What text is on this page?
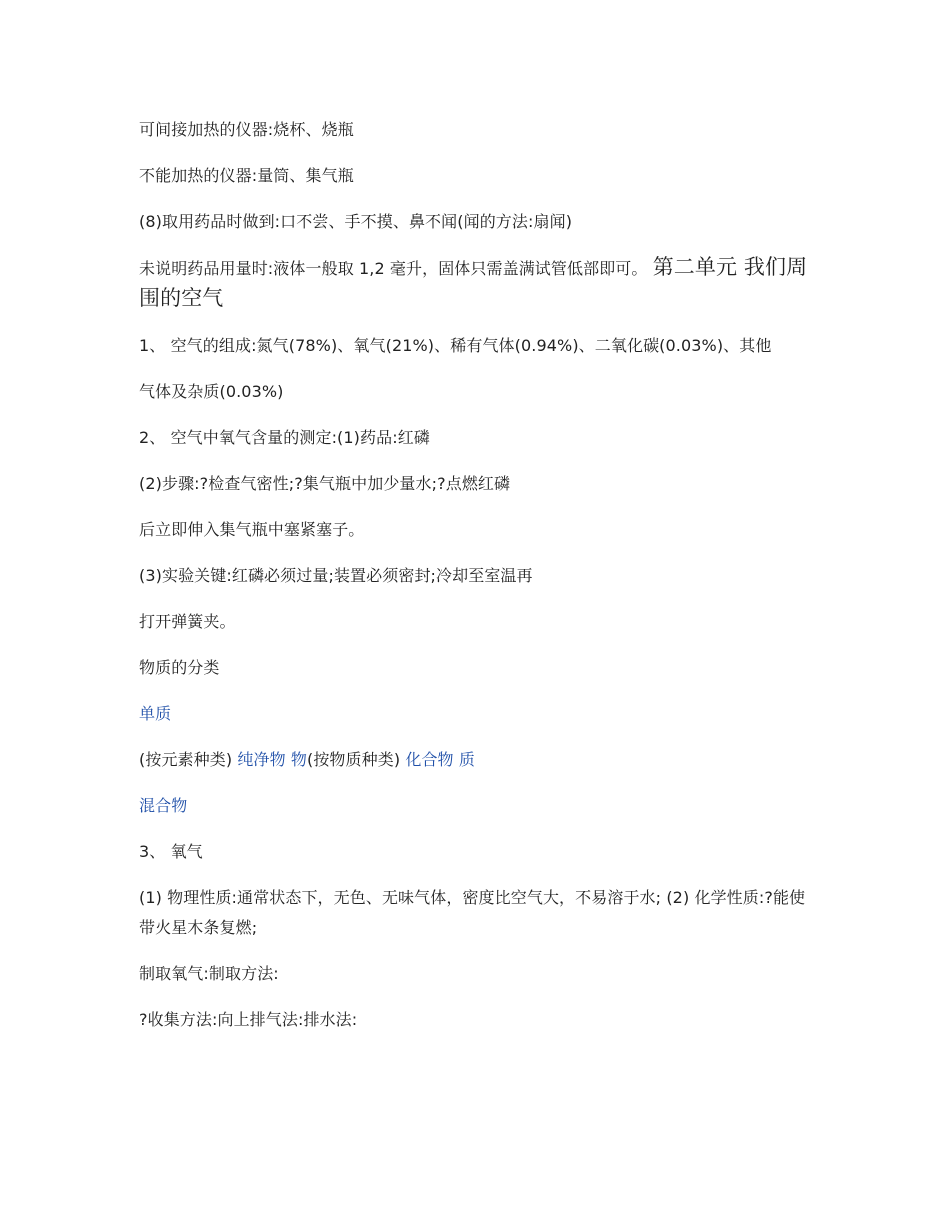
可间接加热的仪器:烧杯、烧瓶

不能加热的仪器:量筒、集气瓶

(8)取用药品时做到:口不尝、手不摸、鼻不闻(闻的方法:扇闻)

未说明药品用量时:液体一般取 1,2 毫升，固体只需盖满试管低部即可。 第二单元 我们周围的空气

1、 空气的组成:氮气(78%)、氧气(21%)、稀有气体(0.94%)、二氧化碳(0.03%)、其他

气体及杂质(0.03%)

2、 空气中氧气含量的测定:(1)药品:红磷

(2)步骤:?检查气密性;?集气瓶中加少量水;?点燃红磷

后立即伸入集气瓶中塞紧塞子。

(3)实验关键:红磷必须过量;装置必须密封;冷却至室温再

打开弹簧夹。

物质的分类

单质

(按元素种类) 纯净物 物(按物质种类) 化合物 质

混合物

3、 氧气

(1) 物理性质:通常状态下，无色、无味气体，密度比空气大，不易溶于水; (2) 化学性质:?能使带火星木条复燃;

制取氧气:制取方法:

?收集方法:向上排气法:排水法:
